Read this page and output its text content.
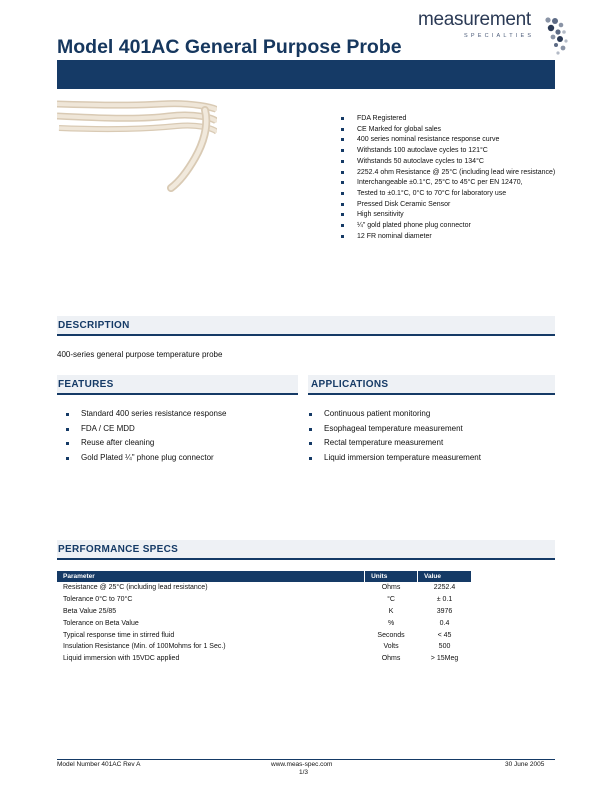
measurement
SPECIALTIES
Model 401AC General Purpose Probe
FDA Registered
CE Marked for global sales
400 series nominal resistance response curve
Withstands 100 autoclave cycles to 121°C
Withstands 50 autoclave cycles to 134°C
2252.4 ohm Resistance @ 25°C (including lead wire resistance)
Interchangeable ±0.1°C, 25°C to 45°C per EN 12470,
Tested to ±0.1°C, 0°C to 70°C for laboratory use
Pressed Disk Ceramic Sensor
High sensitivity
¼" gold plated phone plug connector
12 FR nominal diameter
DESCRIPTION
400-series general purpose temperature probe
FEATURES	APPLICATIONS
Standard 400 series resistance response
FDA / CE MDD
Reuse after cleaning
Gold Plated ¼" phone plug connector
Continuous patient monitoring
Esophageal temperature measurement
Rectal temperature measurement
Liquid immersion temperature measurement
PERFORMANCE SPECS
Parameter	Units	Value
Resistance @ 25°C (including lead resistance)	Ohms	2252.4
Tolerance 0°C to 70°C	°C	± 0.1
Beta Value 25/85	K	3976
Tolerance on Beta Value	%	0.4
Typical response time in stirred fluid	Seconds	< 45
Insulation Resistance (Min. of 100Mohms for 1 Sec.)	Volts	500
Liquid immersion with 15VDC applied	Ohms	> 15Meg
Model Number 401AC Rev A	www.meas-spec.com
1/3
30 June 2005
